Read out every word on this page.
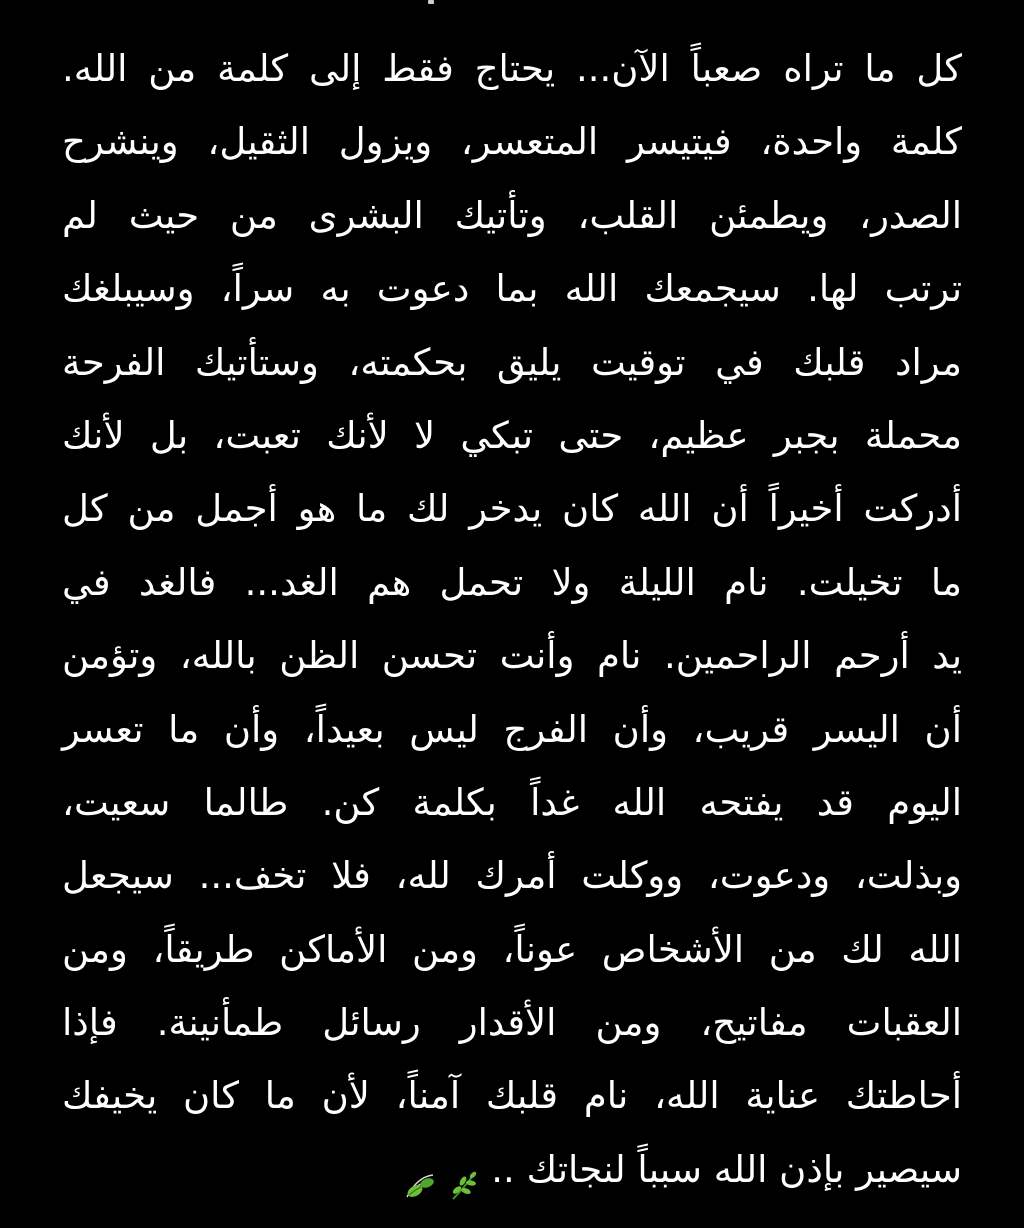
كل ما تراه صعباً الآن... يحتاج فقط إلى كلمة من الله.
كلمة واحدة، فيتيسر المتعسر، ويزول الثقيل، وينشرح
الصدر، ويطمئن القلب، وتأتيك البشرى من حيث لم
ترتب لها. سيجمعك الله بما دعوت به سراً، وسيبلغك
مراد قلبك في توقيت يليق بحكمته، وستأتيك الفرحة
محملة بجبر عظيم، حتى تبكي لا لأنك تعبت، بل لأنك
أدركت أخيراً أن الله كان يدخر لك ما هو أجمل من كل
ما تخيلت. نام الليلة ولا تحمل هم الغد... فالغد في
يد أرحم الراحمين. نام وأنت تحسن الظن بالله، وتؤمن
أن اليسر قريب، وأن الفرج ليس بعيداً، وأن ما تعسر
اليوم قد يفتحه الله غداً بكلمة كن. طالما سعيت،
وبذلت، ودعوت، ووكلت أمرك لله، فلا تخف... سيجعل
الله لك من الأشخاص عوناً، ومن الأماكن طريقاً، ومن
العقبات مفاتيح، ومن الأقدار رسائل طمأنينة. فإذا
أحاطتك عناية الله، نام قلبك آمناً، لأن ما كان يخيفك
سيصير بإذن الله سبباً لنجاتك ..
